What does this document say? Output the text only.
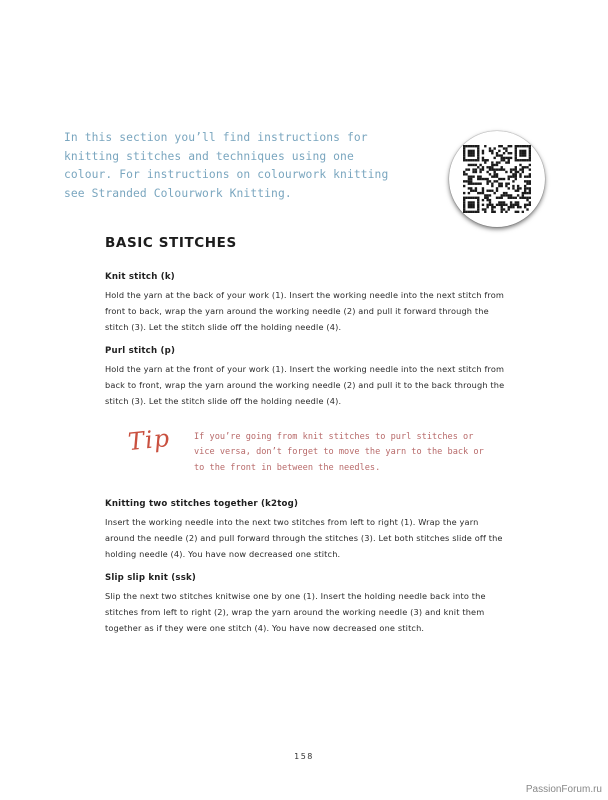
In this section you’ll find instructions for knitting stitches and techniques using one colour. For instructions on colourwork knitting see Stranded Colourwork Knitting.

BASIC STITCHES
Knit stitch (k)

Hold the yarn at the back of your work (1). Insert the working needle into the next stitch from front to back, wrap the yarn around the working needle (2) and pull it forward through the stitch (3). Let the stitch slide off the holding needle (4).

Purl stitch (p)

Hold the yarn at the front of your work (1). Insert the working needle into the next stitch from back to front, wrap the yarn around the working needle (2) and pull it to the back through the stitch (3). Let the stitch slide off the holding needle (4).

Tip	If you’re going from knit stitches to purl stitches or vice versa, don’t forget to move the yarn to the back or to the front in between the needles.

Knitting two stitches together (k2tog)

Insert the working needle into the next two stitches from left to right (1). Wrap the yarn around the needle (2) and pull forward through the stitches (3). Let both stitches slide off the holding needle (4). You have now decreased one stitch.

Slip slip knit (ssk)

Slip the next two stitches knitwise one by one (1). Insert the holding needle back into the stitches from left to right (2), wrap the yarn around the working needle (3) and knit them together as if they were one stitch (4). You have now decreased one stitch.

158
PassionForum.ru
